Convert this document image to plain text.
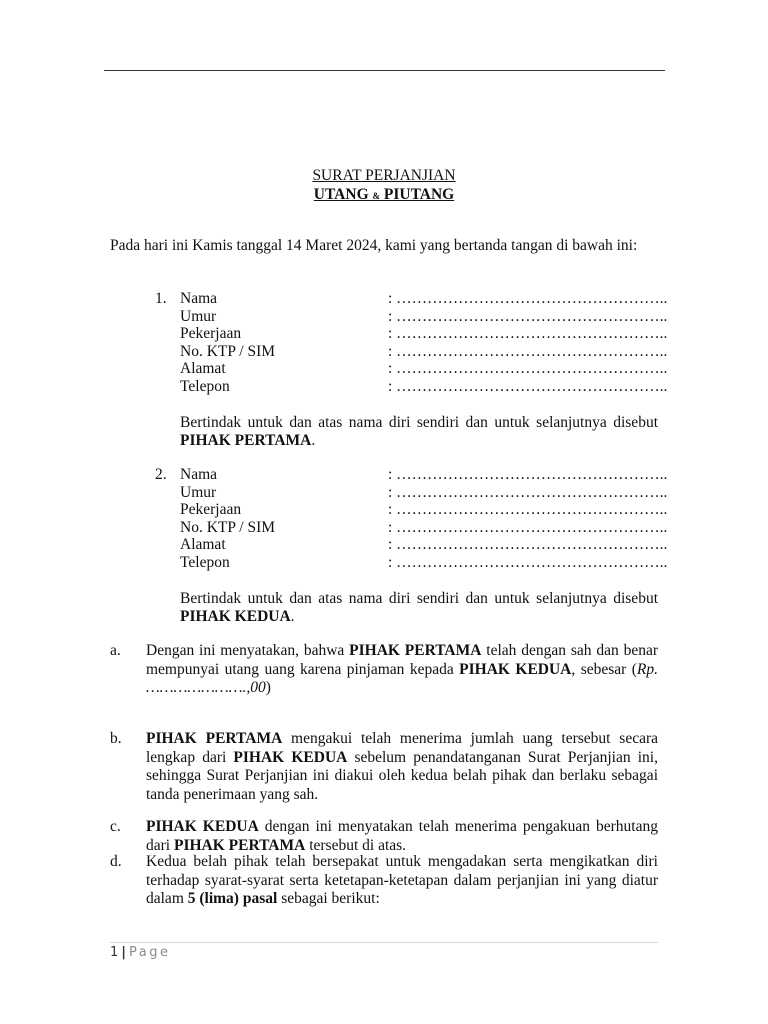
SURAT PERJANJIAN
UTANG & PIUTANG
Pada hari ini Kamis tanggal 14 Maret 2024, kami yang bertanda tangan di bawah ini:
1. Nama
Umur
Pekerjaan
No. KTP / SIM
Alamat
Telepon
: ……………………………………………..
: ……………………………………………..
: ……………………………………………..
: ……………………………………………..
: ……………………………………………..
: ……………………………………………..
Bertindak untuk dan atas nama diri sendiri dan untuk selanjutnya disebut PIHAK PERTAMA.
2. Nama
Umur
Pekerjaan
No. KTP / SIM
Alamat
Telepon
: ……………………………………………..
: ……………………………………………..
: ……………………………………………..
: ……………………………………………..
: ……………………………………………..
: ……………………………………………..
Bertindak untuk dan atas nama diri sendiri dan untuk selanjutnya disebut PIHAK KEDUA.
a. Dengan ini menyatakan, bahwa PIHAK PERTAMA telah dengan sah dan benar mempunyai utang uang karena pinjaman kepada PIHAK KEDUA, sebesar (Rp. ………………….,00)
b. PIHAK PERTAMA mengakui telah menerima jumlah uang tersebut secara lengkap dari PIHAK KEDUA sebelum penandatanganan Surat Perjanjian ini, sehingga Surat Perjanjian ini diakui oleh kedua belah pihak dan berlaku sebagai tanda penerimaan yang sah.
c. PIHAK KEDUA dengan ini menyatakan telah menerima pengakuan berhutang dari PIHAK PERTAMA tersebut di atas.
d. Kedua belah pihak telah bersepakat untuk mengadakan serta mengikatkan diri terhadap syarat-syarat serta ketetapan-ketetapan dalam perjanjian ini yang diatur dalam 5 (lima) pasal sebagai berikut:
1 | Page
